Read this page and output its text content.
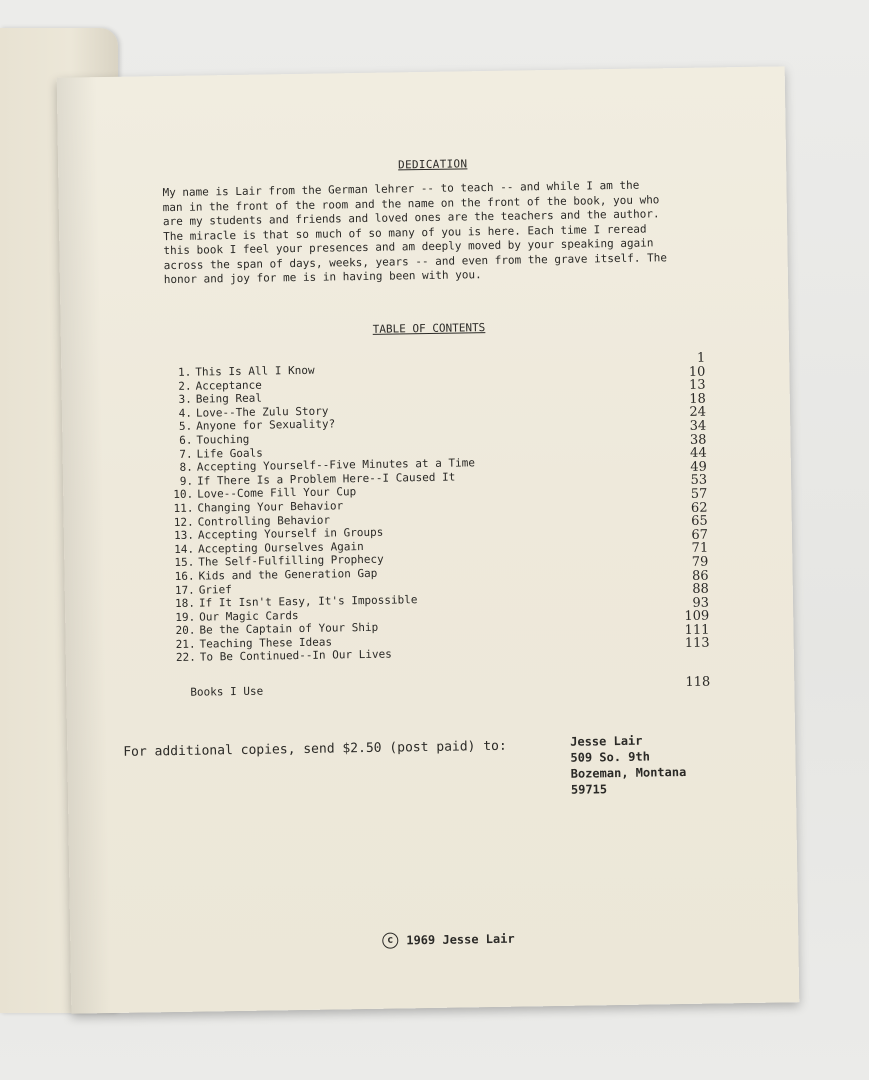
DEDICATION
My name is Lair from the German lehrer -- to teach -- and while I am the
man in the front of the room and the name on the front of the book, you who
are my students and friends and loved ones are the teachers and the author.
The miracle is that so much of so many of you is here. Each time I reread
this book I feel your presences and am deeply moved by your speaking again
across the span of days, weeks, years -- and even from the grave itself. The
honor and joy for me is in having been with you.
TABLE OF CONTENTS
1. This Is All I Know
1
2. Acceptance
10
3. Being Real
13
4. Love--The Zulu Story
18
5. Anyone for Sexuality?
24
6. Touching
34
7. Life Goals
38
8. Accepting Yourself--Five Minutes at a Time
44
9. If There Is a Problem Here--I Caused It
49
10. Love--Come Fill Your Cup
53
11. Changing Your Behavior
57
12. Controlling Behavior
62
13. Accepting Yourself in Groups
65
14. Accepting Ourselves Again
67
15. The Self-Fulfilling Prophecy
71
16. Kids and the Generation Gap
79
17. Grief
86
18. If It Isn't Easy, It's Impossible
88
19. Our Magic Cards
93
20. Be the Captain of Your Ship
109
21. Teaching These Ideas
111
22. To Be Continued--In Our Lives
113
Books I Use
118
For additional copies, send $2.50 (post paid) to:	Jesse Lair
509 So. 9th
Bozeman, Montana
59715
c	1969 Jesse Lair
